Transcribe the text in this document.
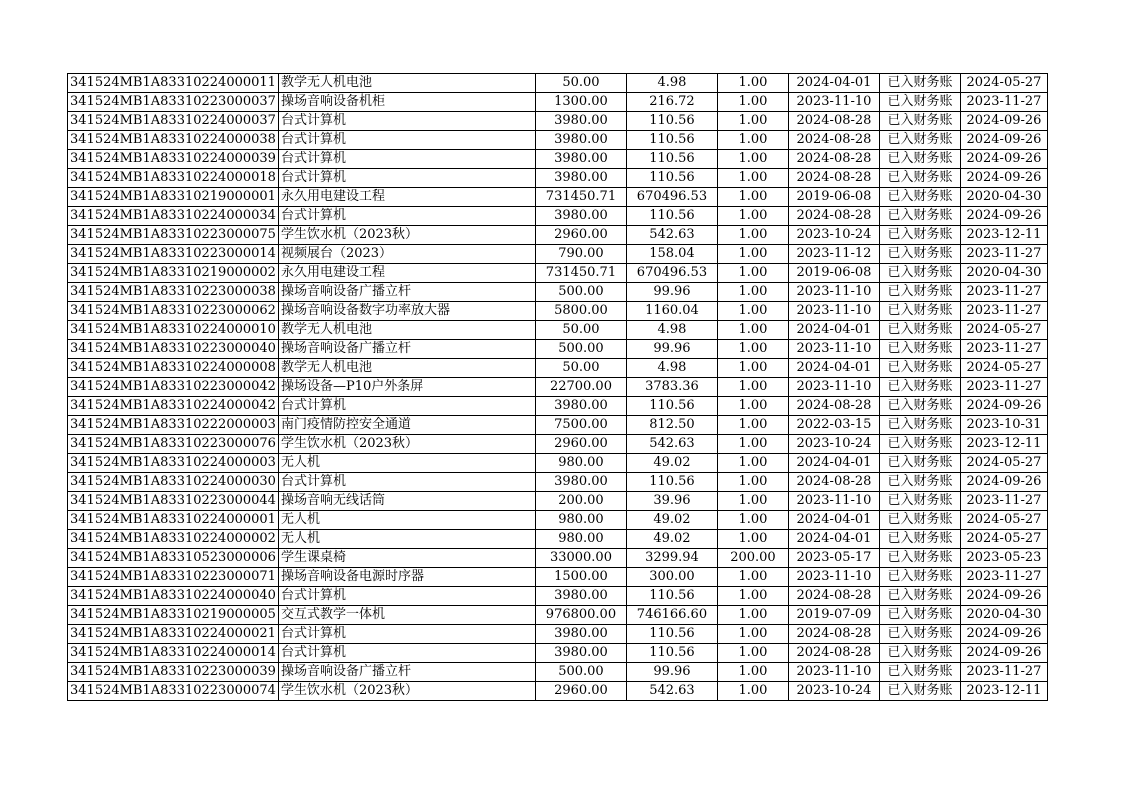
341524MB1A83310224000011	教学无人机电池	50.00	4.98	1.00	2024-04-01	已入财务账	2024-05-27
341524MB1A83310223000037	操场音响设备机柜	1300.00	216.72	1.00	2023-11-10	已入财务账	2023-11-27
341524MB1A83310224000037	台式计算机	3980.00	110.56	1.00	2024-08-28	已入财务账	2024-09-26
341524MB1A83310224000038	台式计算机	3980.00	110.56	1.00	2024-08-28	已入财务账	2024-09-26
341524MB1A83310224000039	台式计算机	3980.00	110.56	1.00	2024-08-28	已入财务账	2024-09-26
341524MB1A83310224000018	台式计算机	3980.00	110.56	1.00	2024-08-28	已入财务账	2024-09-26
341524MB1A83310219000001	永久用电建设工程	731450.71	670496.53	1.00	2019-06-08	已入财务账	2020-04-30
341524MB1A83310224000034	台式计算机	3980.00	110.56	1.00	2024-08-28	已入财务账	2024-09-26
341524MB1A83310223000075	学生饮水机（2023秋）	2960.00	542.63	1.00	2023-10-24	已入财务账	2023-12-11
341524MB1A83310223000014	视频展台（2023）	790.00	158.04	1.00	2023-11-12	已入财务账	2023-11-27
341524MB1A83310219000002	永久用电建设工程	731450.71	670496.53	1.00	2019-06-08	已入财务账	2020-04-30
341524MB1A83310223000038	操场音响设备广播立杆	500.00	99.96	1.00	2023-11-10	已入财务账	2023-11-27
341524MB1A83310223000062	操场音响设备数字功率放大器	5800.00	1160.04	1.00	2023-11-10	已入财务账	2023-11-27
341524MB1A83310224000010	教学无人机电池	50.00	4.98	1.00	2024-04-01	已入财务账	2024-05-27
341524MB1A83310223000040	操场音响设备广播立杆	500.00	99.96	1.00	2023-11-10	已入财务账	2023-11-27
341524MB1A83310224000008	教学无人机电池	50.00	4.98	1.00	2024-04-01	已入财务账	2024-05-27
341524MB1A83310223000042	操场设备—P10户外条屏	22700.00	3783.36	1.00	2023-11-10	已入财务账	2023-11-27
341524MB1A83310224000042	台式计算机	3980.00	110.56	1.00	2024-08-28	已入财务账	2024-09-26
341524MB1A83310222000003	南门疫情防控安全通道	7500.00	812.50	1.00	2022-03-15	已入财务账	2023-10-31
341524MB1A83310223000076	学生饮水机（2023秋）	2960.00	542.63	1.00	2023-10-24	已入财务账	2023-12-11
341524MB1A83310224000003	无人机	980.00	49.02	1.00	2024-04-01	已入财务账	2024-05-27
341524MB1A83310224000030	台式计算机	3980.00	110.56	1.00	2024-08-28	已入财务账	2024-09-26
341524MB1A83310223000044	操场音响无线话筒	200.00	39.96	1.00	2023-11-10	已入财务账	2023-11-27
341524MB1A83310224000001	无人机	980.00	49.02	1.00	2024-04-01	已入财务账	2024-05-27
341524MB1A83310224000002	无人机	980.00	49.02	1.00	2024-04-01	已入财务账	2024-05-27
341524MB1A83310523000006	学生课桌椅	33000.00	3299.94	200.00	2023-05-17	已入财务账	2023-05-23
341524MB1A83310223000071	操场音响设备电源时序器	1500.00	300.00	1.00	2023-11-10	已入财务账	2023-11-27
341524MB1A83310224000040	台式计算机	3980.00	110.56	1.00	2024-08-28	已入财务账	2024-09-26
341524MB1A83310219000005	交互式教学一体机	976800.00	746166.60	1.00	2019-07-09	已入财务账	2020-04-30
341524MB1A83310224000021	台式计算机	3980.00	110.56	1.00	2024-08-28	已入财务账	2024-09-26
341524MB1A83310224000014	台式计算机	3980.00	110.56	1.00	2024-08-28	已入财务账	2024-09-26
341524MB1A83310223000039	操场音响设备广播立杆	500.00	99.96	1.00	2023-11-10	已入财务账	2023-11-27
341524MB1A83310223000074	学生饮水机（2023秋）	2960.00	542.63	1.00	2023-10-24	已入财务账	2023-12-11
